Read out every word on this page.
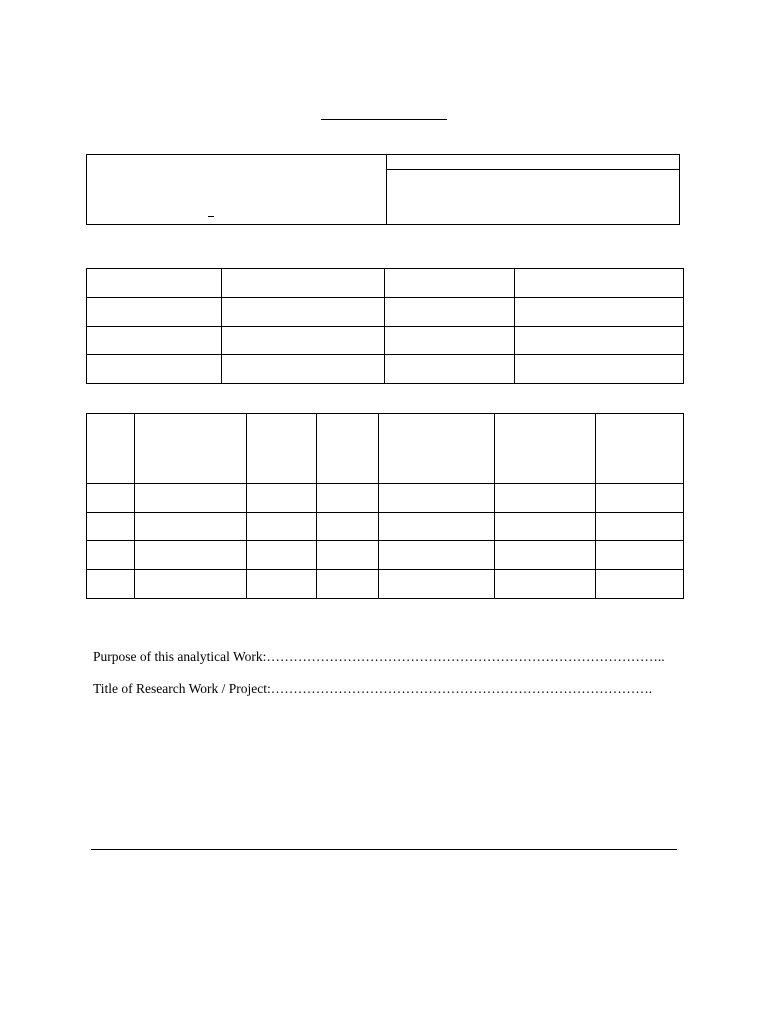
Purpose of this analytical Work:……………………………………………………………………………..
Title of Research Work / Project:………………………………………………………………………….
